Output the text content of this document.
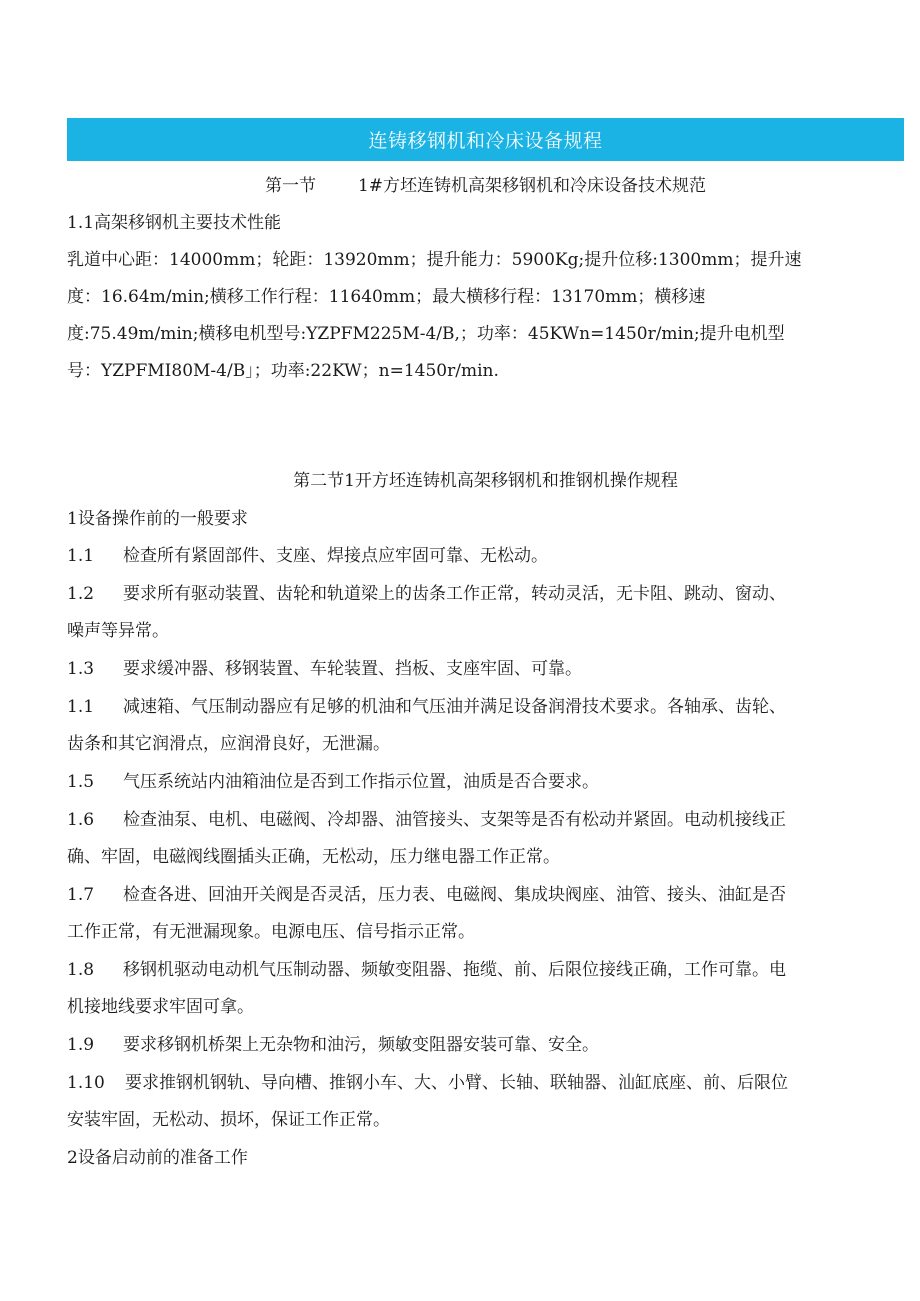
连铸移钢机和冷床设备规程
第一节 1#方坯连铸机高架移钢机和冷床设备技术规范
1.1高架移钢机主要技术性能
乳道中心距：14000mm；轮距：13920mm；提升能力：5900Kg;提升位移:1300mm；提升速
度：16.64m/min;横移工作行程：11640mm；最大横移行程：13170mm；横移速
度:75.49m/min;横移电机型号:YZPFM225M-4/B,；功率：45KWn=1450r/min;提升电机型
号：YZPFMI80M-4/B」；功率:22KW；n=1450r/min.
第二节1开方坯连铸机高架移钢机和推钢机操作规程
1设备操作前的一般要求
1.1 检查所有紧固部件、支座、焊接点应牢固可靠、无松动。
1.2 要求所有驱动装置、齿轮和轨道梁上的齿条工作正常，转动灵活，无卡阻、跳动、窗动、
噪声等异常。
1.3 要求缓冲器、移钢装置、车轮装置、挡板、支座牢固、可靠。
1.1 减速箱、气压制动器应有足够的机油和气压油并满足设备润滑技术要求。各轴承、齿轮、
齿条和其它润滑点，应润滑良好，无泄漏。
1.5 气压系统站内油箱油位是否到工作指示位置，油质是否合要求。
1.6 检查油泵、电机、电磁阀、冷却器、油管接头、支架等是否有松动并紧固。电动机接线正
确、牢固，电磁阀线圈插头正确，无松动，压力继电器工作正常。
1.7 检查各进、回油开关阀是否灵活，压力表、电磁阀、集成块阀座、油管、接头、油缸是否
工作正常，有无泄漏现象。电源电压、信号指示正常。
1.8 移钢机驱动电动机气压制动器、频敏变阻器、拖缆、前、后限位接线正确，工作可靠。电
机接地线要求牢固可拿。
1.9 要求移钢机桥架上无杂物和油污，频敏变阻器安装可靠、安全。
1.10 要求推钢机钢轨、导向槽、推钢小车、大、小臂、长轴、联轴器、汕缸底座、前、后限位
安装牢固，无松动、损坏，保证工作正常。
2设备启动前的准备工作
